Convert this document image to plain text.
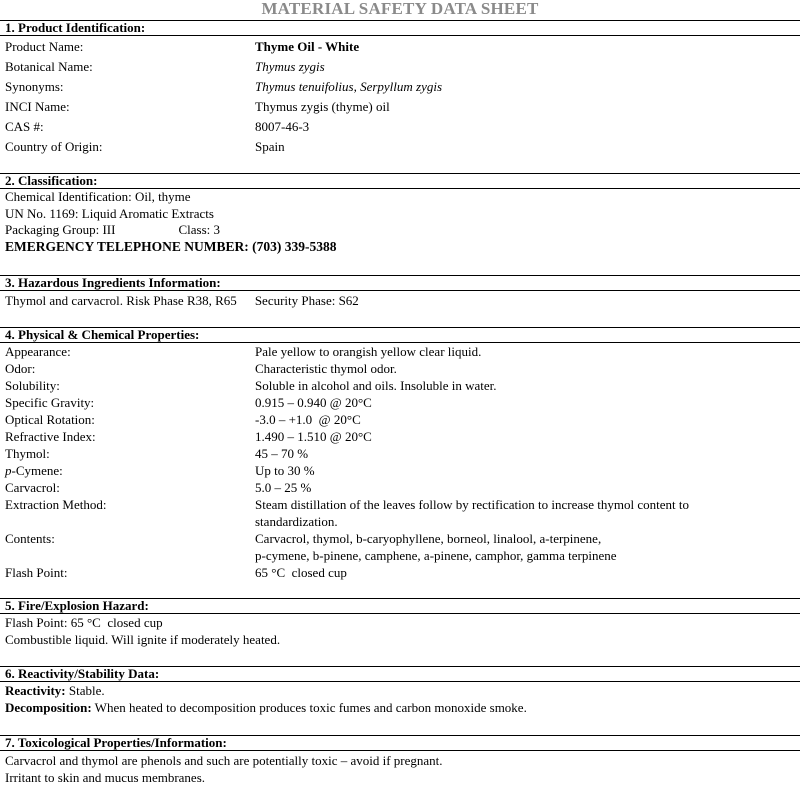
MATERIAL SAFETY DATA SHEET
1. Product Identification:
Product Name:	Thyme Oil - White
Botanical Name:	Thymus zygis
Synonyms:	Thymus tenuifolius, Serpyllum zygis
INCI Name:	Thymus zygis (thyme) oil
CAS #:	8007-46-3
Country of Origin:	Spain
2. Classification:
Chemical Identification: Oil, thyme
UN No. 1169: Liquid Aromatic Extracts
Packaging Group: III	Class: 3
EMERGENCY TELEPHONE NUMBER: (703) 339-5388
3. Hazardous Ingredients Information:
Thymol and carvacrol. Risk Phase R38, R65 Security Phase: S62
4. Physical & Chemical Properties:
Appearance:	Pale yellow to orangish yellow clear liquid.
Odor:	Characteristic thymol odor.
Solubility:	Soluble in alcohol and oils. Insoluble in water.
Specific Gravity:	0.915 – 0.940 @ 20°C
Optical Rotation:	-3.0 – +1.0  @ 20°C
Refractive Index:	1.490 – 1.510 @ 20°C
Thymol:	45 – 70 %
p-Cymene:	Up to 30 %
Carvacrol:	5.0 – 25 %
Extraction Method:	Steam distillation of the leaves follow by rectification to increase thymol content to
standardization.
Contents:	Carvacrol, thymol, b-caryophyllene, borneol, linalool, a-terpinene,
p-cymene, b-pinene, camphene, a-pinene, camphor, gamma terpinene
Flash Point:	65 °C  closed cup
5. Fire/Explosion Hazard:
Flash Point: 65 °C  closed cup
Combustible liquid. Will ignite if moderately heated.
6. Reactivity/Stability Data:
Reactivity: Stable.
Decomposition: When heated to decomposition produces toxic fumes and carbon monoxide smoke.
7. Toxicological Properties/Information:
Carvacrol and thymol are phenols and such are potentially toxic – avoid if pregnant.
Irritant to skin and mucus membranes.
